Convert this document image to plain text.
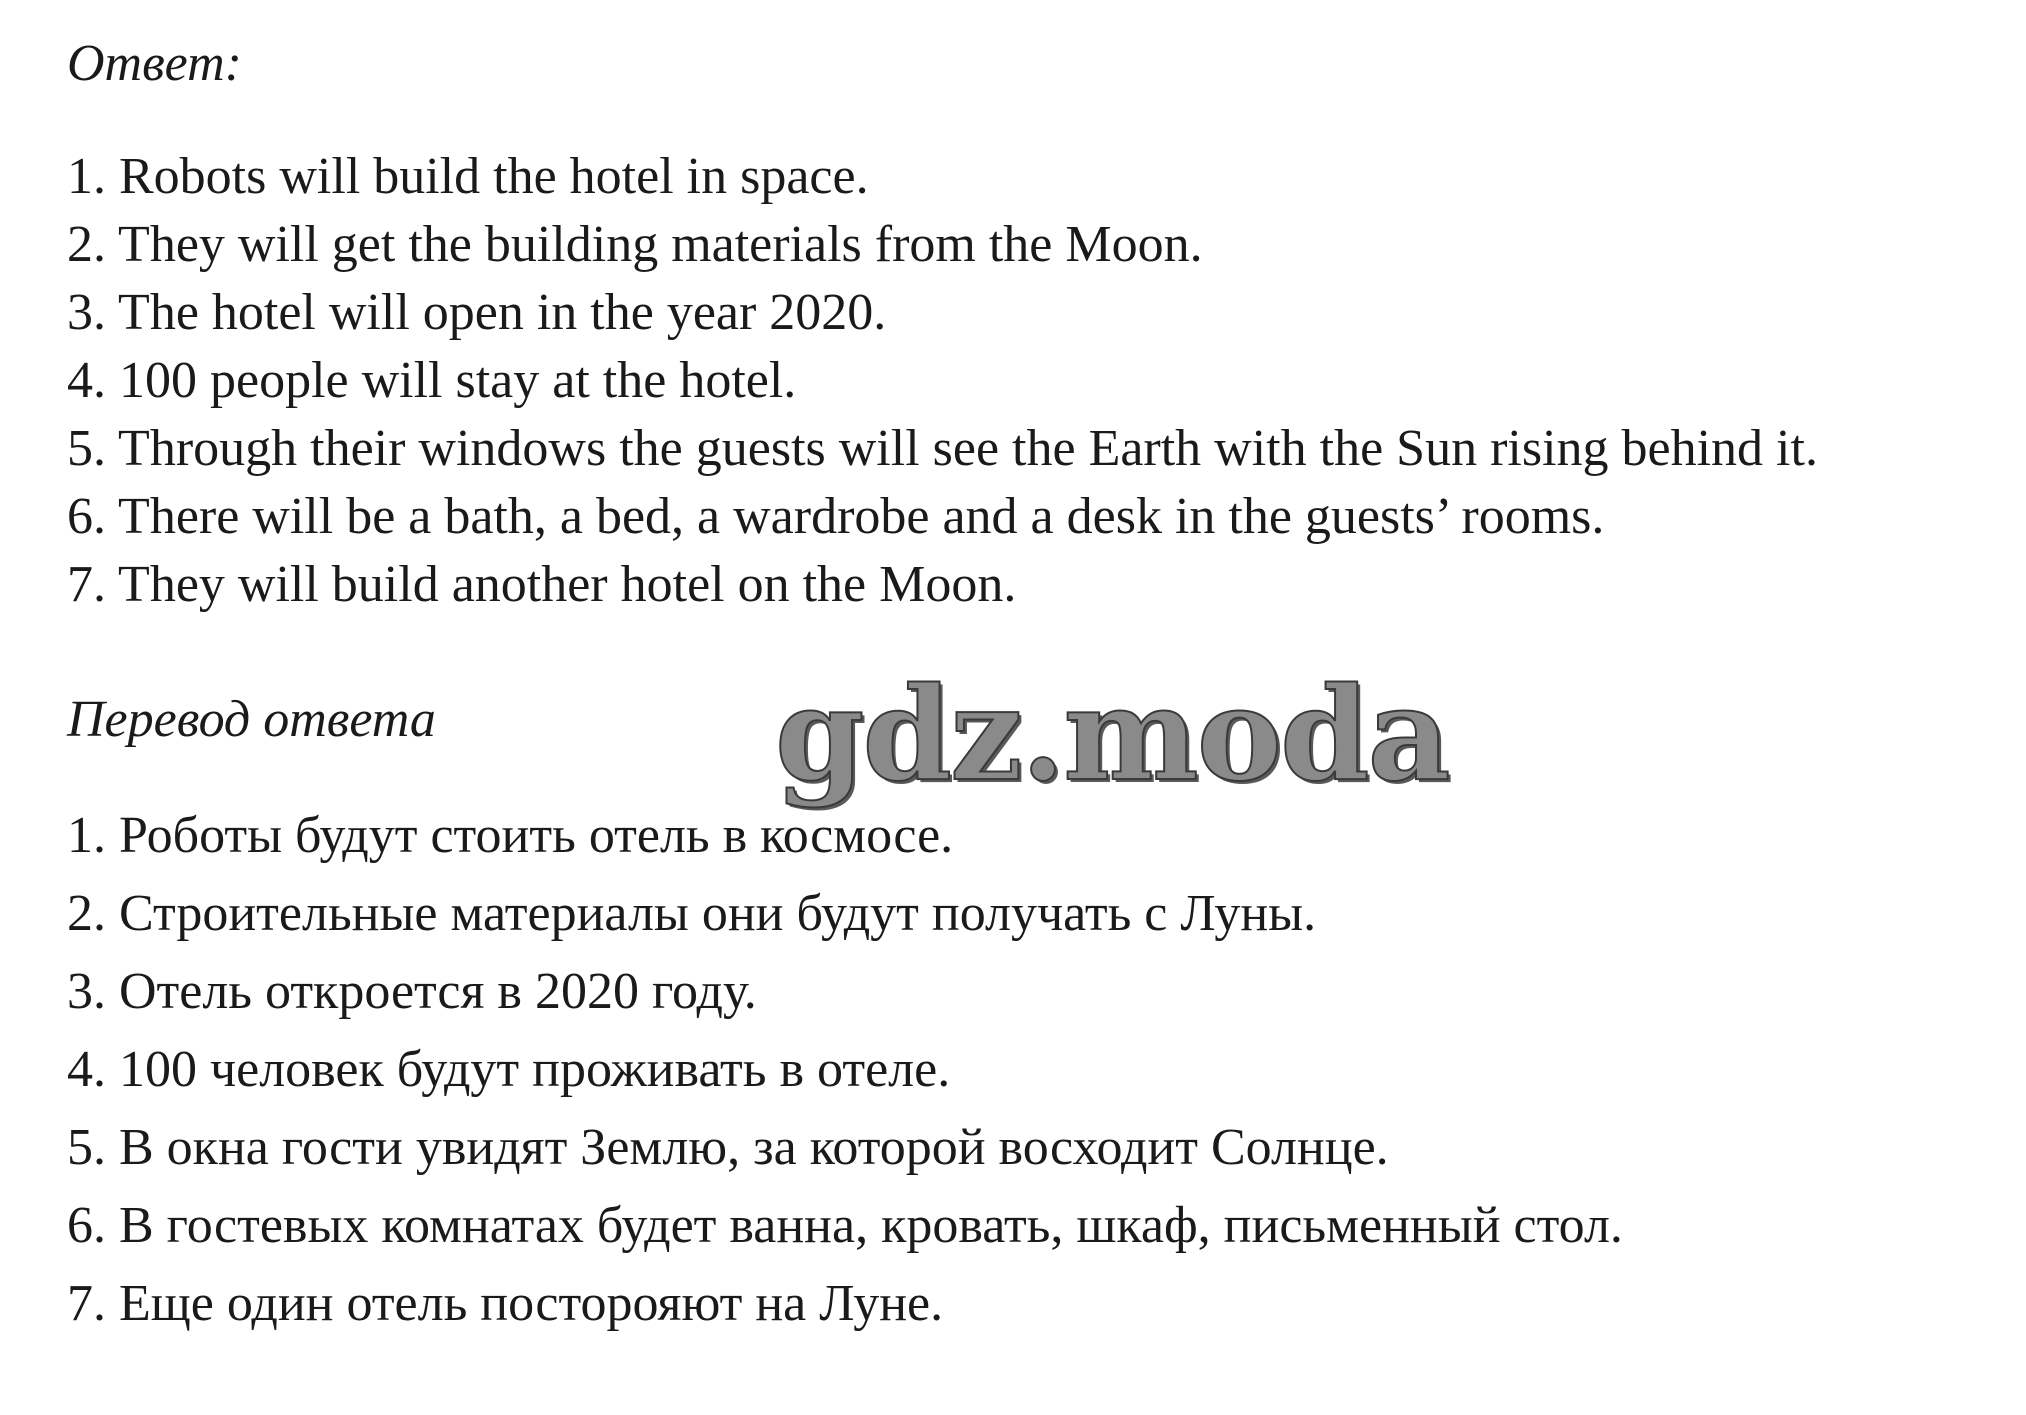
Ответ:
1. Robots will build the hotel in space.
2. They will get the building materials from the Moon.
3. The hotel will open in the year 2020.
4. 100 people will stay at the hotel.
5. Through their windows the guests will see the Earth with the Sun rising behind it.
6. There will be a bath, a bed, a wardrobe and a desk in the guests’ rooms.
7. They will build another hotel on the Moon.
Перевод ответа	gdz.moda
1. Роботы будут стоить отель в космосе.
2. Строительные материалы они будут получать с Луны.
3. Отель откроется в 2020 году.
4. 100 человек будут проживать в отеле.
5. В окна гости увидят Землю, за которой восходит Солнце.
6. В гостевых комнатах будет ванна, кровать, шкаф, письменный стол.
7. Еще один отель посторояют на Луне.
